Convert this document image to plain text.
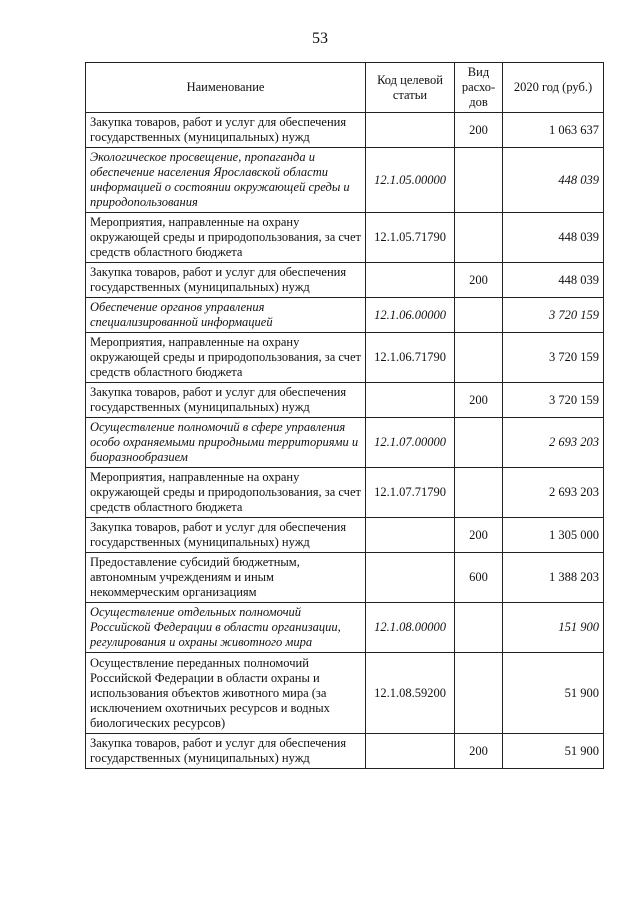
53
Наименование	Код целевой статьи	Вид расхо-дов	2020 год (руб.)
Закупка товаров, работ и услуг для обеспечения государственных (муниципальных) нужд		200	1 063 637
Экологическое просвещение, пропаганда и обеспечение населения Ярославской области информацией о состоянии окружающей среды и природопользования	12.1.05.00000		448 039
Мероприятия, направленные на охрану окружающей среды и природопользования, за счет средств областного бюджета	12.1.05.71790		448 039
Закупка товаров, работ и услуг для обеспечения государственных (муниципальных) нужд		200	448 039
Обеспечение органов управления специализированной информацией	12.1.06.00000		3 720 159
Мероприятия, направленные на охрану окружающей среды и природопользования, за счет средств областного бюджета	12.1.06.71790		3 720 159
Закупка товаров, работ и услуг для обеспечения государственных (муниципальных) нужд		200	3 720 159
Осуществление полномочий в сфере управления особо охраняемыми природными территориями и биоразнообразием	12.1.07.00000		2 693 203
Мероприятия, направленные на охрану окружающей среды и природопользования, за счет средств областного бюджета	12.1.07.71790		2 693 203
Закупка товаров, работ и услуг для обеспечения государственных (муниципальных) нужд		200	1 305 000
Предоставление субсидий бюджетным, автономным учреждениям и иным некоммерческим организациям		600	1 388 203
Осуществление отдельных полномочий Российской Федерации в области организации, регулирования и охраны животного мира	12.1.08.00000		151 900
Осуществление переданных полномочий Российской Федерации в области охраны и использования объектов животного мира (за исключением охотничьих ресурсов и водных биологических ресурсов)	12.1.08.59200		51 900
Закупка товаров, работ и услуг для обеспечения государственных (муниципальных) нужд		200	51 900
